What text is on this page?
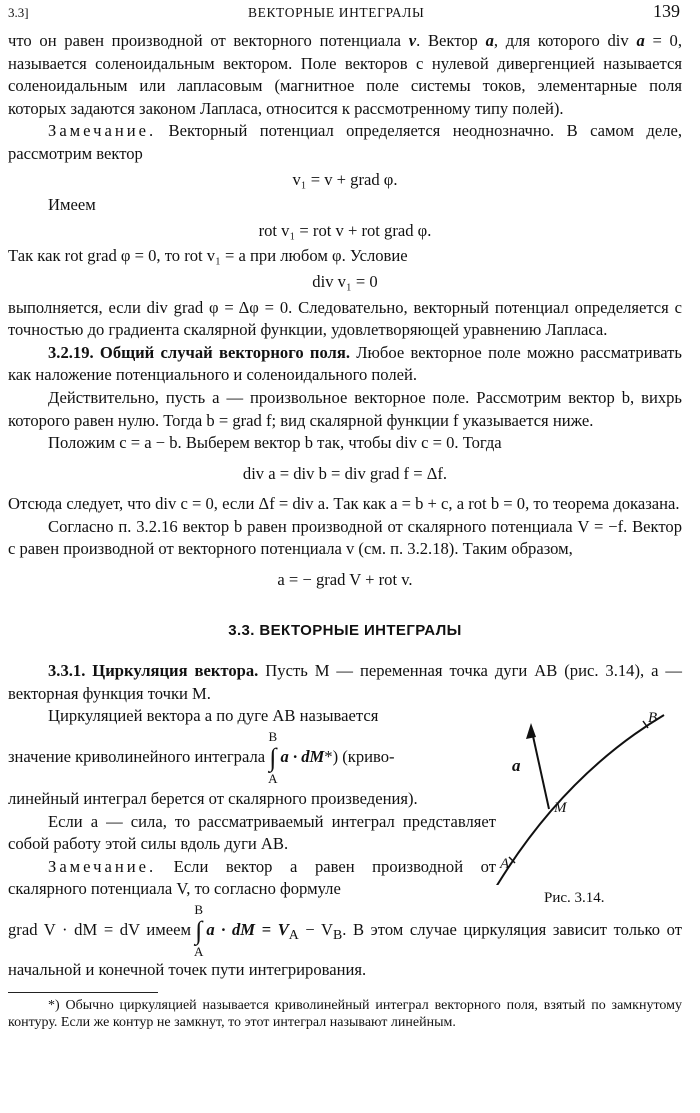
3.3]	ВЕКТОРНЫЕ ИНТЕГРАЛЫ	139

что он равен производной от векторного потенциала v. Вектор a, для которого div a = 0, называется соленоидальным вектором. Поле векторов с нулевой дивергенцией называется соленоидальным или лапласовым (магнитное поле системы токов, элементарные поля которых задаются законом Лапласа, относится к рассмотренному типу полей).

Замечание. Векторный потенциал определяется неоднозначно. В самом деле, рассмотрим вектор

v₁ = v + grad φ.

Имеем

rot v₁ = rot v + rot grad φ.

Так как rot grad φ = 0, то rot v₁ = a при любом φ. Условие

div v₁ = 0

выполняется, если div grad φ = Δφ = 0. Следовательно, векторный потенциал определяется с точностью до градиента скалярной функции, удовлетворяющей уравнению Лапласа.

3.2.19. Общий случай векторного поля. Любое векторное поле можно рассматривать как наложение потенциального и соленоидального полей.

Действительно, пусть a — произвольное векторное поле. Рассмотрим вектор b, вихрь которого равен нулю. Тогда b = grad f; вид скалярной функции f указывается ниже.

Положим c = a − b. Выберем вектор b так, чтобы div c = 0. Тогда

div a = div b = div grad f = Δf.

Отсюда следует, что div c = 0, если Δf = div a. Так как a = b + c, а rot b = 0, то теорема доказана.

Согласно п. 3.2.16 вектор b равен производной от скалярного потенциала V = −f. Вектор c равен производной от векторного потенциала v (см. п. 3.2.18). Таким образом,

a = − grad V + rot v.
3.3. ВЕКТОРНЫЕ ИНТЕГРАЛЫ

3.3.1. Циркуляция вектора. Пусть M — переменная точка дуги AB (рис. 3.14), a — векторная функция точки M.

Циркуляцией вектора a по дуге AB называется

значение криволинейного интегралаB
∫
Aa · dM*) (криво-

линейный интеграл берется от скалярного произведения).

Если a — сила, то рассматриваемый интеграл представляет собой работу этой силы вдоль дуги AB.

Замечание. Если вектор a равен производной от скалярного потенциала V, то согласно формуле

a
M
A
B
Рис. 3.14.

grad V · dM = dV имеемB
∫
Aa · dM = $V_A - V_B$. В этом случае циркуляция зависит только от начальной и конечной точек пути интегрирования.

*) Обычно циркуляцией называется криволинейный интеграл векторного поля, взятый по замкнутому контуру. Если же контур не замкнут, то этот интеграл называют линейным.
